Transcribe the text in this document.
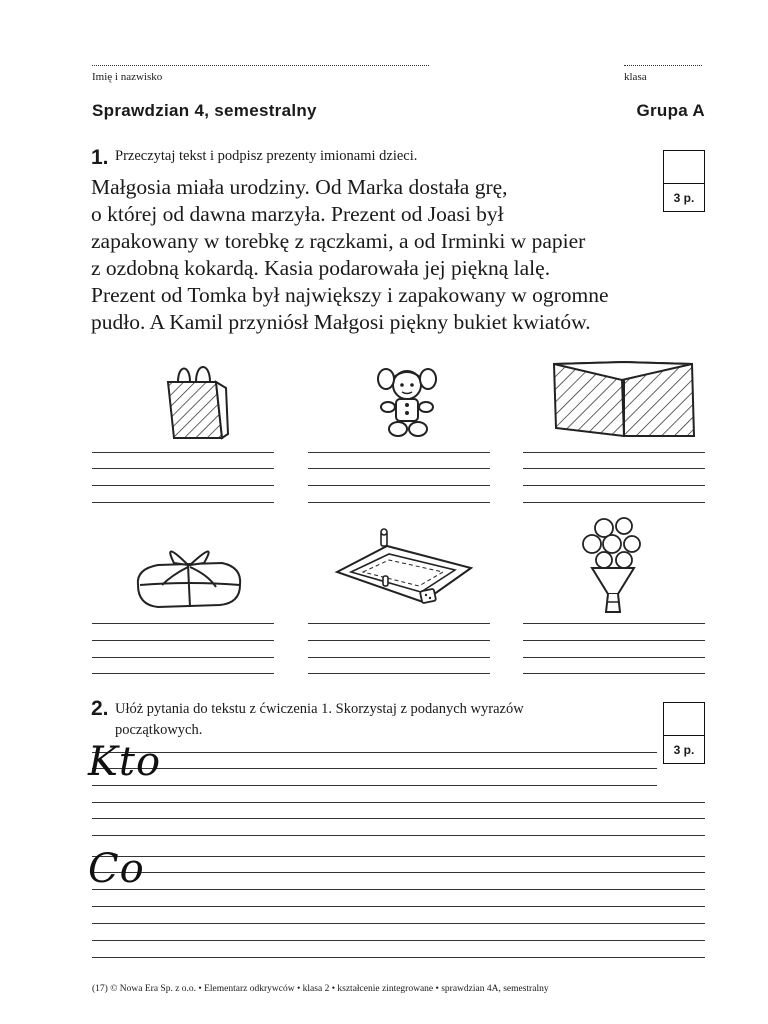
Imię i nazwisko	klasa
Sprawdzian 4, semestralny	Grupa A
1. Przeczytaj tekst i podpisz prezenty imionami dzieci.
3 p.
Małgosia miała urodziny. Od Marka dostała grę,
o której od dawna marzyła. Prezent od Joasi był
zapakowany w torebkę z rączkami, a od Irminki w papier
z ozdobną kokardą. Kasia podarowała jej piękną lalę.
Prezent od Tomka był największy i zapakowany w ogromne
pudło. A Kamil przyniósł Małgosi piękny bukiet kwiatów.
2. Ułóż pytania do tekstu z ćwiczenia 1. Skorzystaj z podanych wyrazów
początkowych.
3 p.
Kto
Co
(17) © Nowa Era Sp. z o.o. • Elementarz odkrywców • klasa 2 • kształcenie zintegrowane • sprawdzian 4A, semestralny
